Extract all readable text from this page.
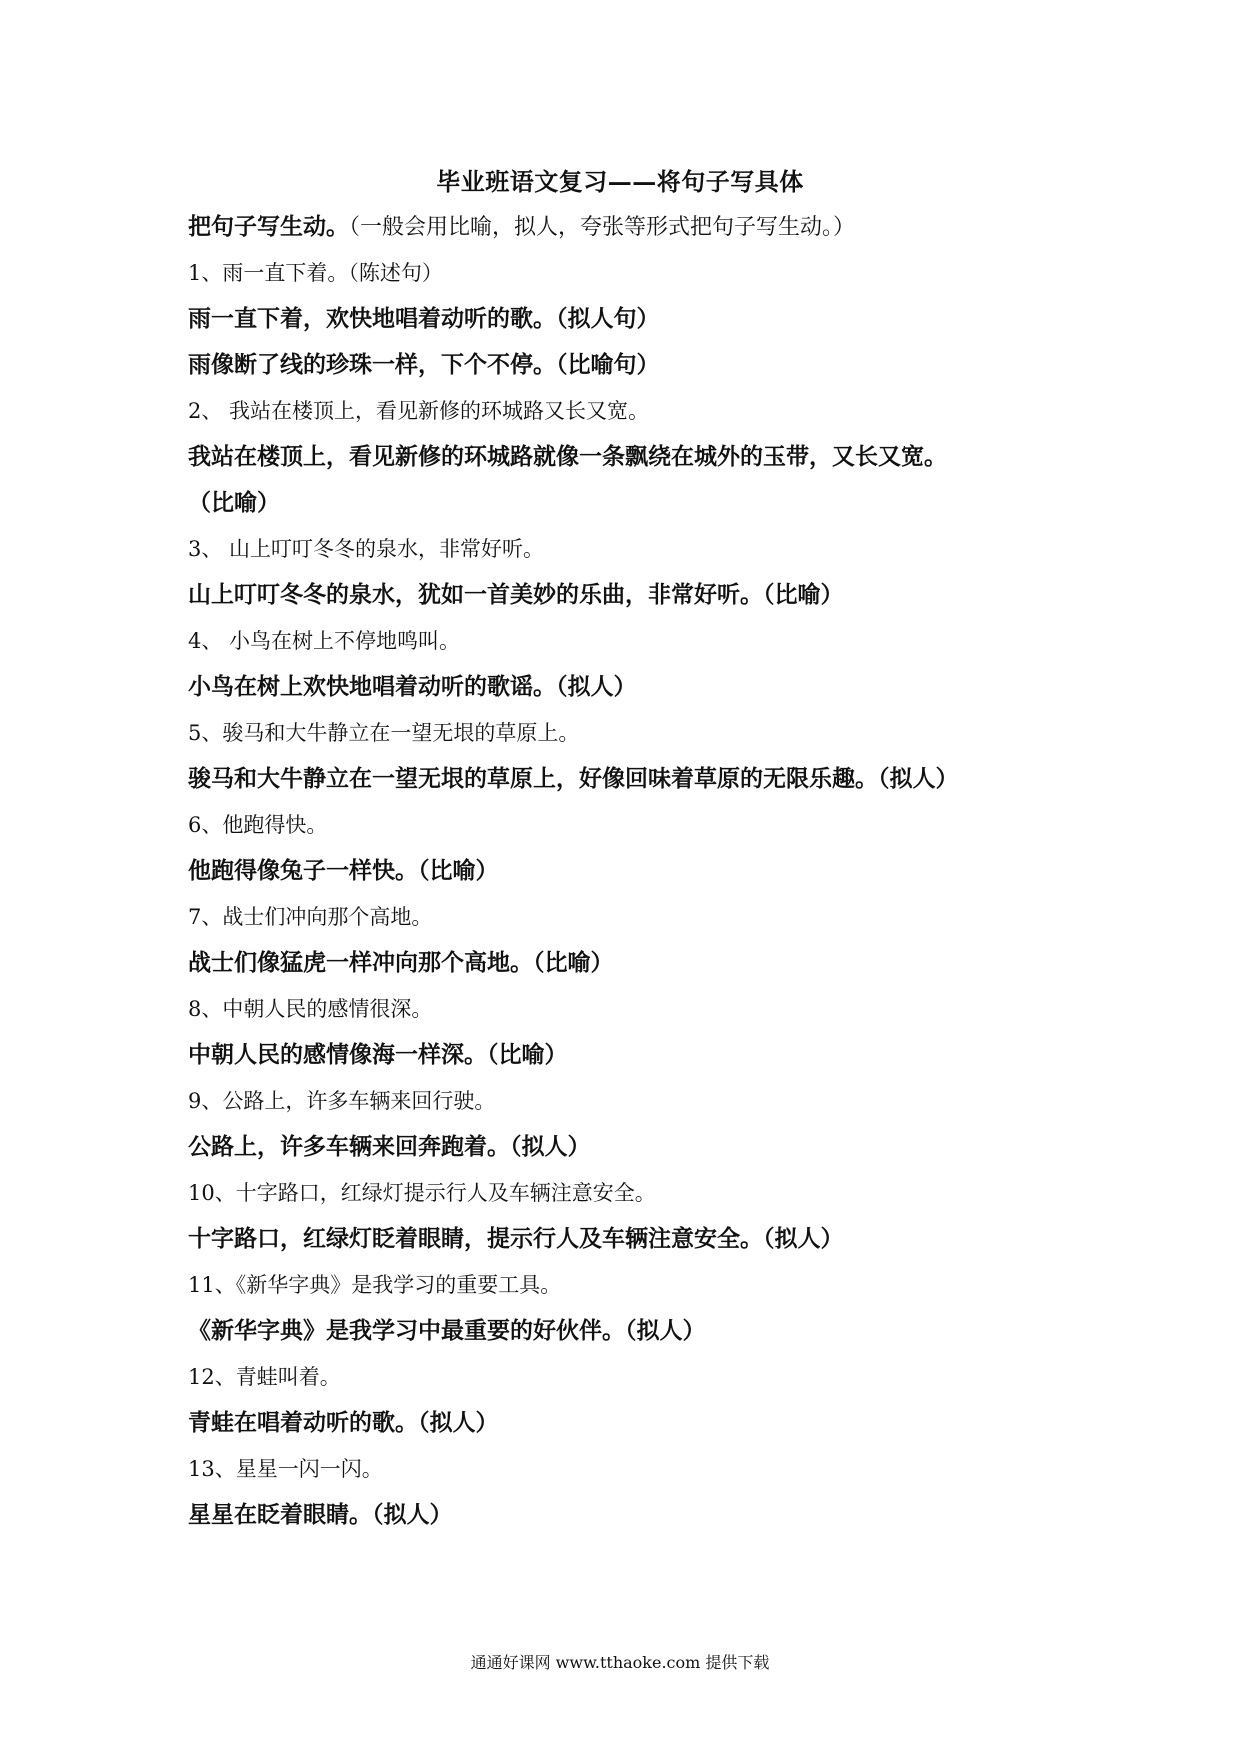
毕业班语文复习——将句子写具体
把句子写生动。（一般会用比喻，拟人，夸张等形式把句子写生动。）
1、雨一直下着。（陈述句）
雨一直下着，欢快地唱着动听的歌。（拟人句）
雨像断了线的珍珠一样，下个不停。（比喻句）
2、 我站在楼顶上，看见新修的环城路又长又宽。
我站在楼顶上，看见新修的环城路就像一条飘绕在城外的玉带，又长又宽。（比喻）
3、 山上叮叮冬冬的泉水，非常好听。
山上叮叮冬冬的泉水，犹如一首美妙的乐曲，非常好听。（比喻）
4、 小鸟在树上不停地鸣叫。
小鸟在树上欢快地唱着动听的歌谣。（拟人）
5、骏马和大牛静立在一望无垠的草原上。
骏马和大牛静立在一望无垠的草原上，好像回味着草原的无限乐趣。（拟人）
6、他跑得快。
他跑得像兔子一样快。（比喻）
7、战士们冲向那个高地。
战士们像猛虎一样冲向那个高地。（比喻）
8、中朝人民的感情很深。
中朝人民的感情像海一样深。（比喻）
9、公路上，许多车辆来回行驶。
公路上，许多车辆来回奔跑着。（拟人）
10、十字路口，红绿灯提示行人及车辆注意安全。
十字路口，红绿灯眨着眼睛，提示行人及车辆注意安全。（拟人）
11、《新华字典》是我学习的重要工具。
《新华字典》是我学习中最重要的好伙伴。（拟人）
12、青蛙叫着。
青蛙在唱着动听的歌。（拟人）
13、星星一闪一闪。
星星在眨着眼睛。（拟人）
通通好课网 www.tthaoke.com 提供下载
